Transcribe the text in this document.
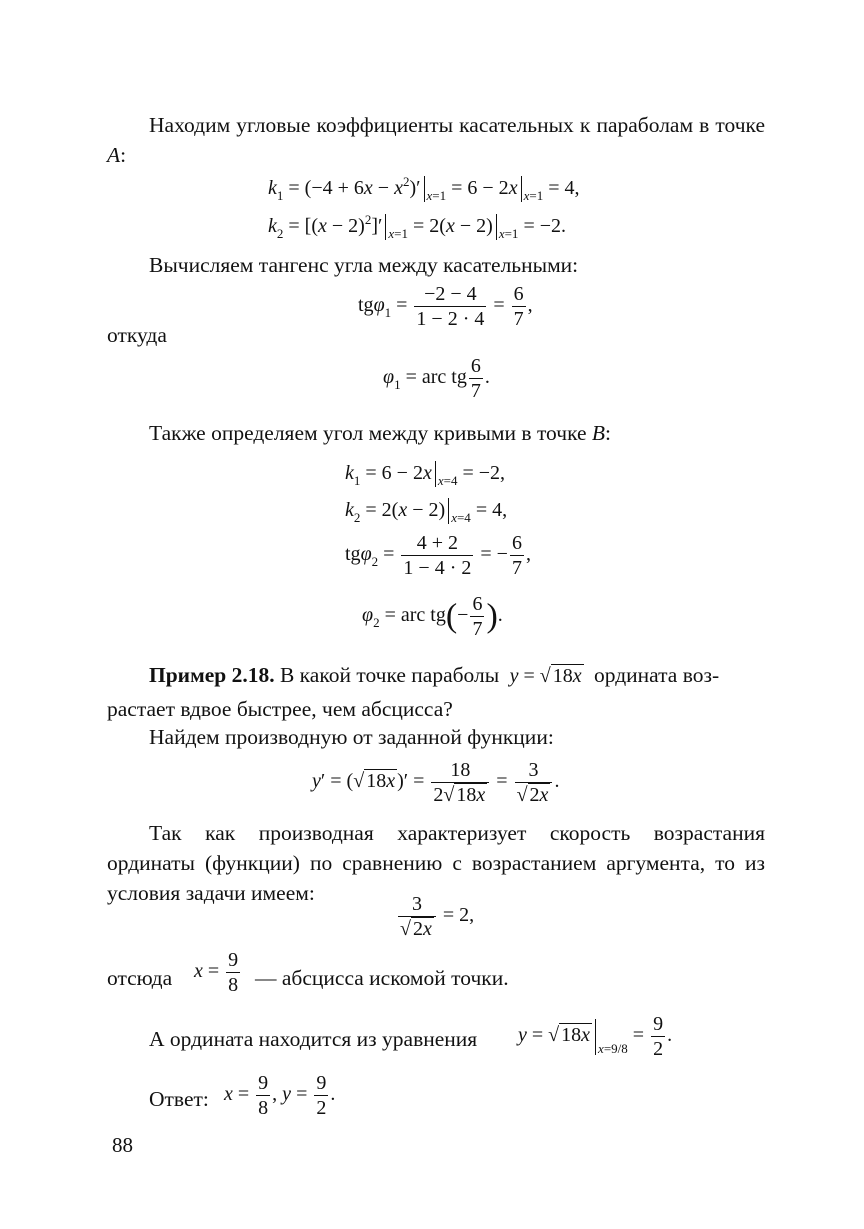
Находим угловые коэффициенты касательных к параболам в точке A:
$k_1 = (-4 + 6x - x^2)'$ $_{x=1}$ = 6 − 2x $_{x=1}$ = 4,
$k_2 = [(x - 2)^2]'$ $_{x=1}$ = 2(x − 2) $_{x=1}$ = −2.
Вычисляем тангенс угла между касательными:
$tg\varphi_1 = \frac{-2 - 4}{1 - 2 \cdot 4} = \frac{6}{7}$ ,
откуда
$\varphi_1$ = arc tg $\frac{6}{7}$ .
Также определяем угол между кривыми в точке B:
$k_1 = 6 - 2x$ $_{x=4}$ = −2,
$k_2 = 2(x - 2) _{x=4} = 4$,
$tg\varphi_2 = \frac{4 + 2}{1 - 4 \cdot 2}$ = − $\frac{6}{7}$ ,
$\varphi_2$ = arc $tg(- \frac{6}{7}$ ).
Пример 2.18. В какой точке параболы  y = √ 18x  ордината воз-
растает вдвое быстрее, чем абсцисса?
Найдем производную от заданной функции:
y′ = (√ 18x )′ = $\frac{18}{2√ 18x} = \frac{3}{√ 2x}$ .
Так как производная характеризует скорость возрастания ординаты (функции) по сравнению с возрастанием аргумента, то из условия задачи имеем:	$\frac{3}{√ 2x} = 2$,
отсюда $x = \frac{9}{8}$ — абсцисса искомой точки.
А ордината находится из уравнения y = √ $18x_{x=9/8} = \frac{9}{2}$ .
Ответ: $x = \frac{9}{8}$ , $y = \frac{9}{2}$ .
88
